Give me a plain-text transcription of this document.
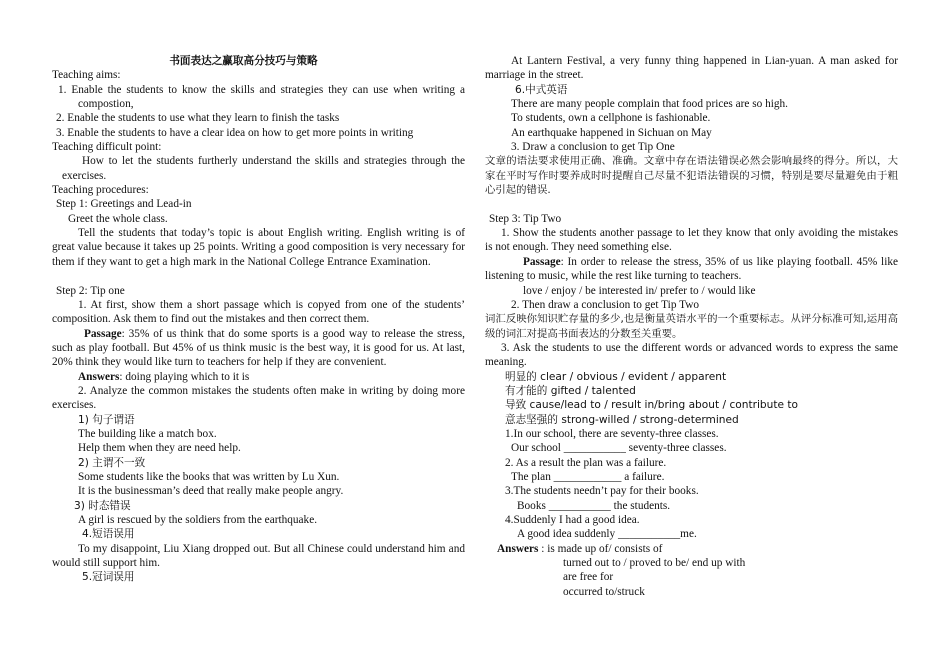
书面表达之赢取高分技巧与策略

Teaching aims:

1. Enable the students to know the skills and strategies they can use when writing a compostion,

2. Enable the students to use what they learn to finish the tasks

3. Enable the students to have a clear idea on how to get more points in writing

Teaching difficult point:

How to let the students furtherly understand the skills and strategies through the exercises.

Teaching procedures:

Step 1: Greetings and Lead-in

Greet the whole class.

Tell the students that today’s topic is about English writing. English writing is of great value because it takes up 25 points. Writing a good composition is very necessary for them if they want to get a high mark in the National College Entrance Examination.

Step 2: Tip one

1. At first, show them a short passage which is copyed from one of the students’ composition. Ask them to find out the mistakes and then correct them.

Passage: 35% of us think that do some sports is a good way to release the stress, such as play football. But 45% of us think music is the best way, it is good for us. At last, 20% think they would like turn to teachers for help if they are convenient.

Answers: doing playing which to it is

2. Analyze the common mistakes the students often make in writing by doing more exercises.

1) 句子谓语

The building like a match box.

Help them when they are need help.

2) 主谓不一致

Some students like the books that was written by Lu Xun.

It is the businessman’s deed that really make people angry.

3) 时态错误

A girl is rescued by the soldiers from the earthquake.

4.短语误用

To my disappoint, Liu Xiang dropped out. But all Chinese could understand him and would still support him.

5.冠词误用

At Lantern Festival, a very funny thing happened in Lian-yuan. A man asked for marriage in the street.

6.中式英语

There are many people complain that food prices are so high.

To students, own a cellphone is fashionable.

An earthquake happened in Sichuan on May

3. Draw a conclusion to get Tip One

文章的语法要求使用正确、准确。文章中存在语法错误必然会影响最终的得分。所以，大家在平时写作时要养成时时提醒自己尽量不犯语法错误的习惯，特别是要尽量避免由于粗心引起的错误.

Step 3: Tip Two

1. Show the students another passage to let they know that only avoiding the mistakes is not enough. They need something else.

Passage: In order to release the stress, 35% of us like playing football. 45% like listening to music, while the rest like turning to teachers.

love / enjoy / be interested in/ prefer to / would like

2. Then draw a conclusion to get Tip Two

词汇反映你知识贮存量的多少,也是衡量英语水平的一个重要标志。从评分标准可知,运用高级的词汇对提高书面表达的分数至关重要。

3. Ask the students to use the different words or advanced words to express the same meaning.

明显的 clear / obvious / evident / apparent

有才能的 gifted / talented

导致 cause/lead to / result in/bring about / contribute to

意志坚强的 strong-willed / strong-determined

1.In our school, there are seventy-three classes.

Our school ___________ seventy-three classes.

2. As a result the plan was a failure.

The plan ____________ a failure.

3.The students needn’t pay for their books.

Books ___________ the students.

4.Suddenly I had a good idea.

A good idea suddenly ___________me.

Answers : is made up of/ consists of

turned out to / proved to be/ end up with

are free for

occurred to/struck
